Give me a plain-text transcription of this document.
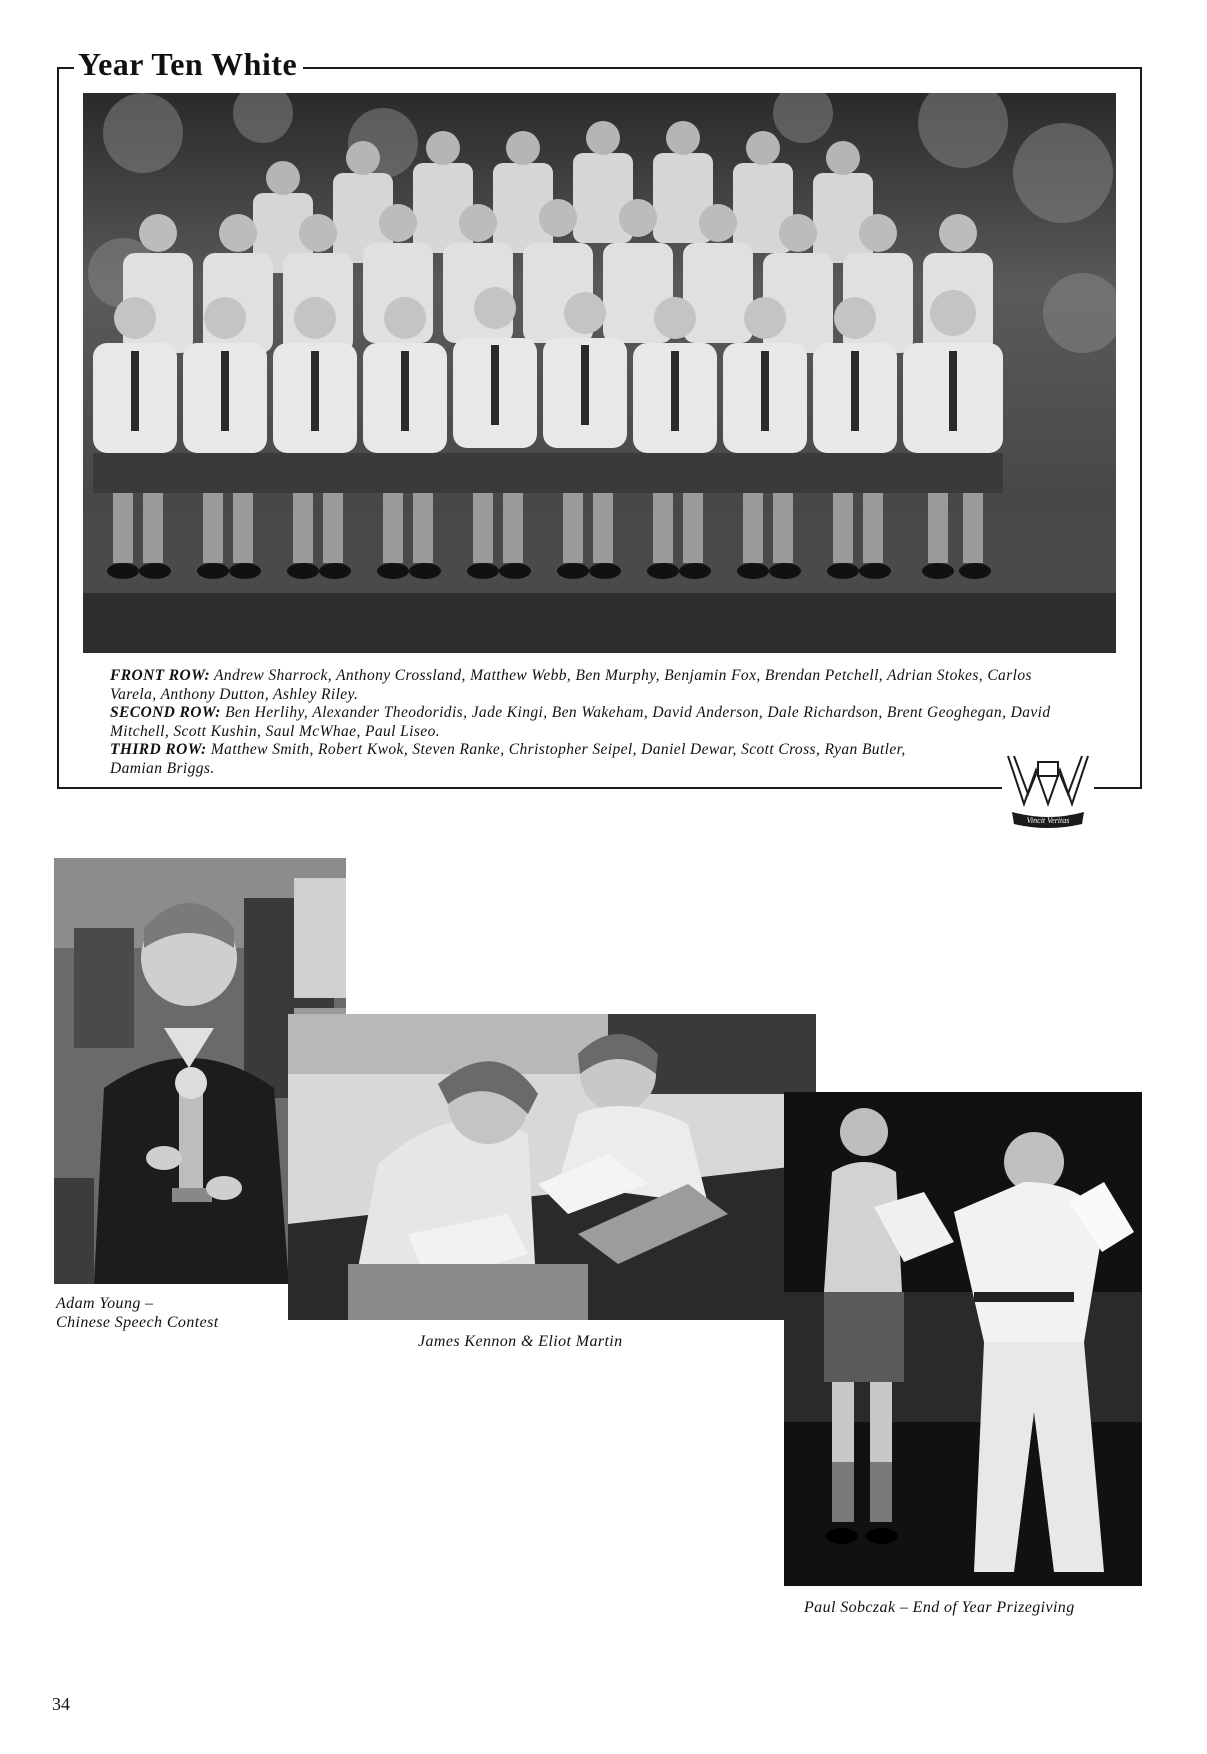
Year Ten White
FRONT ROW: Andrew Sharrock, Anthony Crossland, Matthew Webb, Ben Murphy, Benjamin Fox, Brendan Petchell, Adrian Stokes, Carlos Varela, Anthony Dutton, Ashley Riley.
SECOND ROW: Ben Herlihy, Alexander Theodoridis, Jade Kingi, Ben Wakeham, David Anderson, Dale Richardson, Brent Geoghegan, David Mitchell, Scott Kushin, Saul McWhae, Paul Liseo.
THIRD ROW: Matthew Smith, Robert Kwok, Steven Ranke, Christopher Seipel, Daniel Dewar, Scott Cross, Ryan Butler, Damian Briggs.
Vincit Veritas
Adam Young –
Chinese Speech Contest
James Kennon & Eliot Martin
Paul Sobczak – End of Year Prizegiving
34
